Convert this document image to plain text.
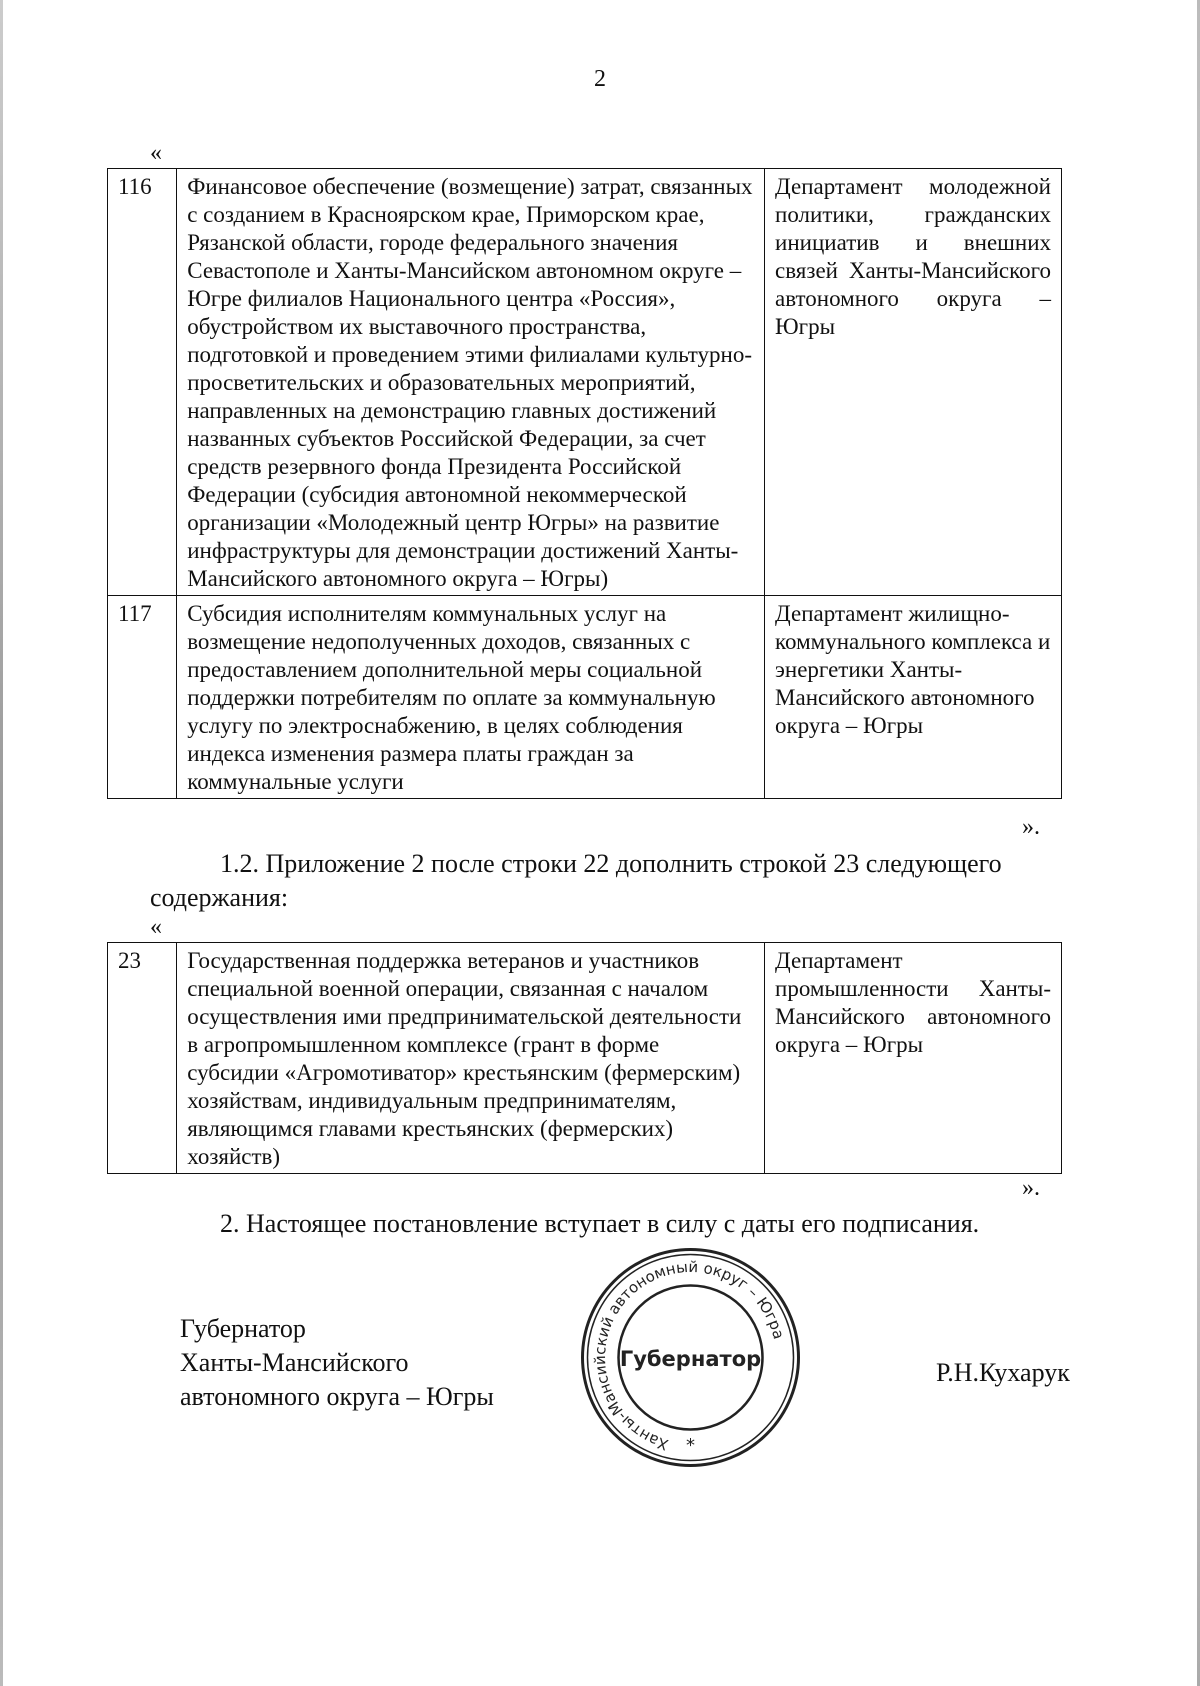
2
«
116	Финансовое обеспечение (возмещение) затрат, связанных с созданием в Красноярском крае, Приморском крае, Рязанской области, городе федерального значения Севастополе и Ханты-Мансийском автономном округе – Югре филиалов Национального центра «Россия», обустройством их выставочного пространства, подготовкой и проведением этими филиалами культурно-просветительских и образовательных мероприятий, направленных на демонстрацию главных достижений названных субъектов Российской Федерации, за счет средств резервного фонда Президента Российской Федерации (субсидия автономной некоммерческой организации «Молодежный центр Югры» на развитие инфраструктуры для демонстрации достижений Ханты-Мансийского автономного округа – Югры)	Департамент молодежной политики, гражданских инициатив и внешних связей Ханты-Мансийского автономного округа – Югры
117	Субсидия исполнителям коммунальных услуг на возмещение недополученных доходов, связанных с предоставлением дополнительной меры социальной поддержки потребителям по оплате за коммунальную услугу по электроснабжению, в целях соблюдения индекса изменения размера платы граждан за коммунальные услуги	Департамент жилищно-коммунального комплекса и энергетики Ханты-Мансийского автономного округа – Югры
».
1.2. Приложение 2 после строки 22 дополнить строкой 23 следующего содержания:
«
23	Государственная поддержка ветеранов и участников специальной военной операции, связанная с началом осуществления ими предпринимательской деятельности в агропромышленном комплексе (грант в форме субсидии «Агромотиватор» крестьянским (фермерским) хозяйствам, индивидуальным предпринимателям, являющимся главами крестьянских (фермерских) хозяйств)	Департамент промышленности Ханты-Мансийского автономного округа – Югры
».
2. Настоящее постановление вступает в силу с даты его подписания.
Губернатор
Ханты-Мансийского
автономного округа – Югры
Ханты-Мансийский автономный округ – Югра
Губернатор
*
Р.Н.Кухарук
